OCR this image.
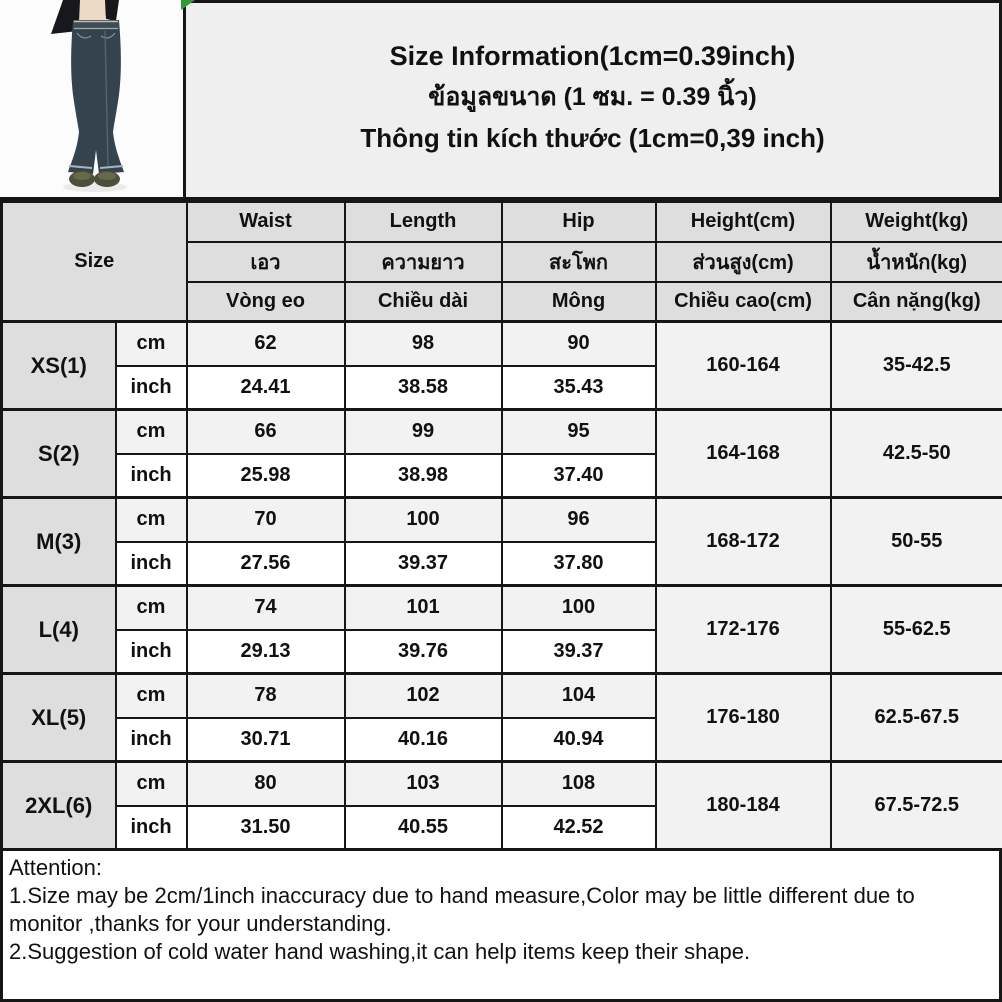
Size Information(1cm=0.39inch)
ข้อมูลขนาด (1 ซม. = 0.39 นิ้ว)
Thông tin kích thước (1cm=0,39 inch)
Size		Waist	Length	Hip	Height(cm)	Weight(kg)
		เอว	ความยาว	สะโพก	ส่วนสูง(cm)	น้ำหนัก(kg)
		Vòng eo	Chiều dài	Mông	Chiều cao(cm)	Cân nặng(kg)
XS(1)	cm	62	98	90	160-164	35-42.5
	inch	24.41	38.58	35.43		
S(2)	cm	66	99	95	164-168	42.5-50
	inch	25.98	38.98	37.40		
M(3)	cm	70	100	96	168-172	50-55
	inch	27.56	39.37	37.80		
L(4)	cm	74	101	100	172-176	55-62.5
	inch	29.13	39.76	39.37		
XL(5)	cm	78	102	104	176-180	62.5-67.5
	inch	30.71	40.16	40.94		
2XL(6)	cm	80	103	108	180-184	67.5-72.5
	inch	31.50	40.55	42.52		
Attention:
1.Size may be 2cm/1inch inaccuracy due to hand measure,Color may be little different due to monitor ,thanks for your understanding.
2.Suggestion of cold water hand washing,it can help items keep their shape.
